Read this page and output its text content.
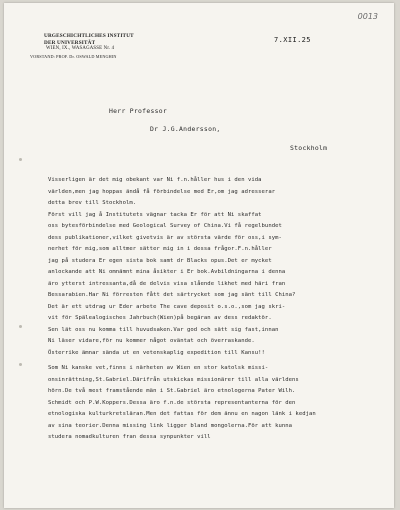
0013
URGESCHICHTLICHES INSTITUT
DER UNIVERSITÄT
WIEN, IX., WASAGASSE Nr. 4
VORSTAND: PROF. Dr. OSWALD MENGHIN
7.XII.25
Herr Professor
Dr J.G.Andersson,
Stockholm
Visserligen är det mig obekant var Ni f.n.håller hus i den vida
världen,men jag hoppas ändå få förbindelse med Er,om jag adresserar
detta brev till Stockholm.
Först vill jag å Institutets vägnar tacka Er för att Ni skaffat
oss bytesförbindelse med Geological Survey of China.Vi få regelbundet
dess publikationer,vilket givetvis är av största värde för oss,i sym-
nerhet för mig,som alltmer sätter mig in i dessa frågor.F.n.håller
jag på studera Er egen sista bok samt dr Blacks opus.Det er mycket
anlockande att Ni omnämnt mina åsikter i Er bok.Avbildningarna i denna
äro ytterst intressanta,då de delvis visa slående likhet med häri fran
Bessarabien.Har Ni förresten fått det särtrycket som jag sänt till China?
Det är ett utdrag ur Eder arbete The cave deposit o.s.o.,som jag skri-
vit för Spälealogisches Jahrbuch(Wien)på begäran av dess redaktör.
Sen lät oss nu komma till huvudsaken.Var god och sätt sig fast,innan
Ni läser vidare,för nu kommer något oväntat och överraskande.
Österrike ämnar sända ut en vetenskaplig expedition till Kansu!!
Som Ni kanske vet,finns i närheten av Wien en stor katolsk missi-
onsinrättning,St.Gabriel.Därifrån utskickas missionärer till alla världens
hörn.De två mest framstående män i St.Gabriel äro etnologerna Pater Wilh.
Schmidt och P.W.Koppers.Dessa äro f.n.de största representanterna för den
etnologiska kulturkretsläran.Men det fattas för dem ännu en nagon länk i kedjan
av sina teorier.Denna missing link ligger bland mongolerna.För att kunna
studera nomadkulturen fran dessa synpunkter vill
